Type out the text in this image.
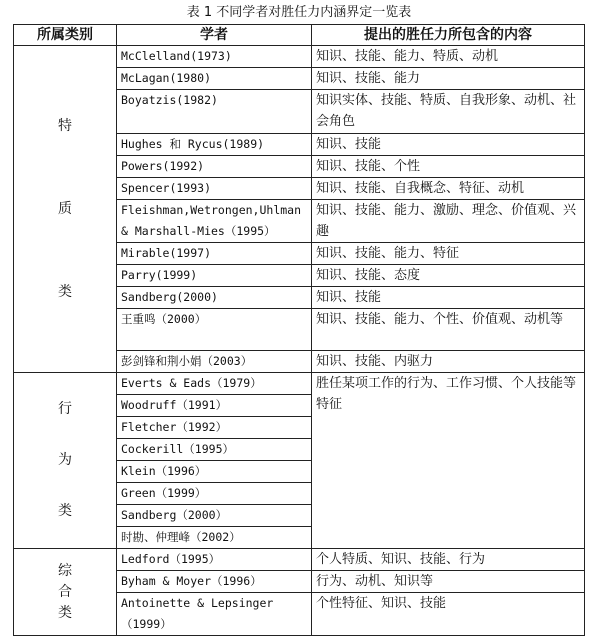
表 1 不同学者对胜任力内涵界定一览表
所属类别	学者	提出的胜任力所包含的内容

特
质
类	McClelland(1973)	知识、技能、能力、特质、动机
	McLagan(1980)	知识、技能、能力
	Boyatzis(1982)	知识实体、技能、特质、自我形象、动机、社会角色
	Hughes 和 Rycus(1989)	知识、技能
	Powers(1992)	知识、技能、个性
	Spencer(1993)	知识、技能、自我概念、特征、动机
	Fleishman,Wetrongen,Uhlman & Marshall-Mies（1995）	知识、技能、能力、激励、理念、价值观、兴趣
	Mirable(1997)	知识、技能、能力、特征
	Parry(1999)	知识、技能、态度
	Sandberg(2000)	知识、技能
	王重鸣（2000）	知识、技能、能力、个性、价值观、动机等
	彭剑锋和荆小娟（2003）	知识、技能、内驱力

行
为
类	Everts & Eads（1979）	胜任某项工作的行为、工作习惯、个人技能等特征
	Woodruff（1991）	
	Fletcher（1992）	
	Cockerill（1995）	
	Klein（1996）	
	Green（1999）	
	Sandberg（2000）	
	时勘、仲理峰（2002）	

综
合
类	Ledford（1995）	个人特质、知识、技能、行为
	Byham & Moyer（1996）	行为、动机、知识等
	Antoinette & Lepsinger（1999）	个性特征、知识、技能
